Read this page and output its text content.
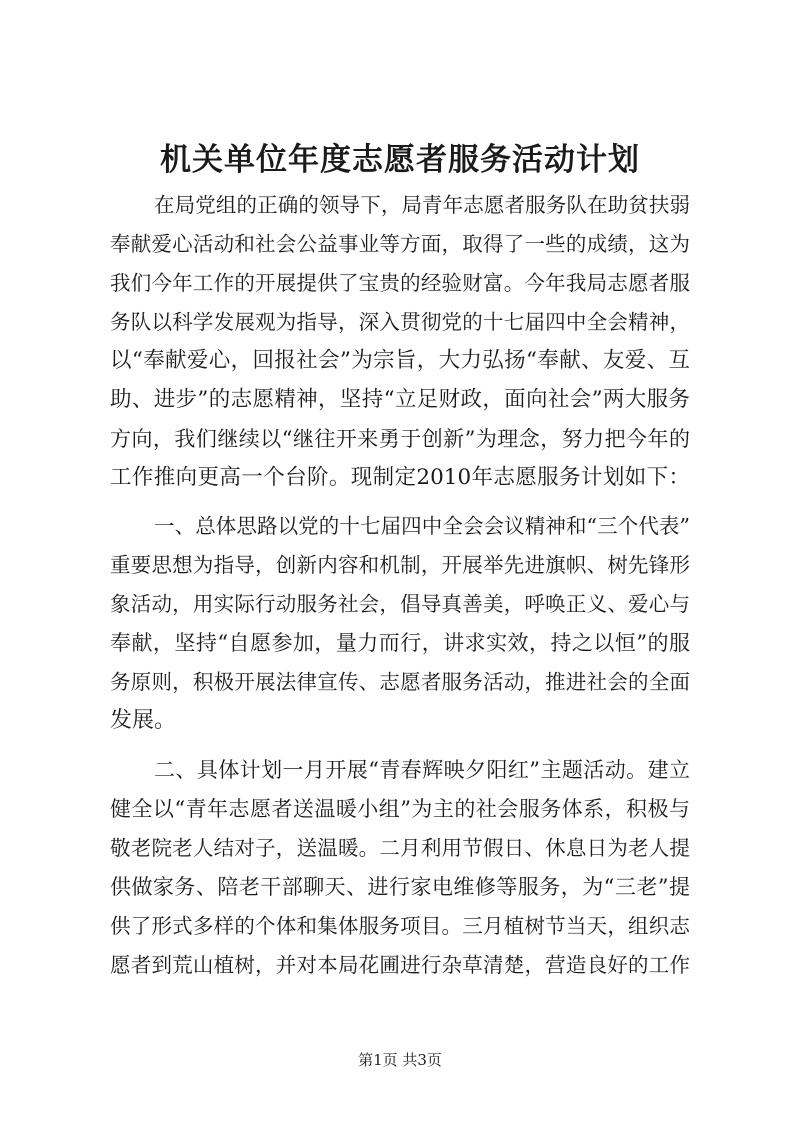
机关单位年度志愿者服务活动计划

在局党组的正确的领导下，局青年志愿者服务队在助贫扶弱

奉献爱心活动和社会公益事业等方面，取得了一些的成绩，这为

我们今年工作的开展提供了宝贵的经验财富。今年我局志愿者服

务队以科学发展观为指导，深入贯彻党的十七届四中全会精神，

以“奉献爱心，回报社会”为宗旨，大力弘扬“奉献、友爱、互

助、进步”的志愿精神，坚持“立足财政，面向社会”两大服务

方向，我们继续以“继往开来勇于创新”为理念，努力把今年的

工作推向更高一个台阶。现制定2010年志愿服务计划如下：

一、总体思路以党的十七届四中全会会议精神和“三个代表”

重要思想为指导，创新内容和机制，开展举先进旗帜、树先锋形

象活动，用实际行动服务社会，倡导真善美，呼唤正义、爱心与

奉献，坚持“自愿参加，量力而行，讲求实效，持之以恒”的服

务原则，积极开展法律宣传、志愿者服务活动，推进社会的全面

发展。

二、具体计划一月开展“青春辉映夕阳红”主题活动。建立

健全以“青年志愿者送温暖小组”为主的社会服务体系，积极与

敬老院老人结对子，送温暖。二月利用节假日、休息日为老人提

供做家务、陪老干部聊天、进行家电维修等服务，为“三老”提

供了形式多样的个体和集体服务项目。三月植树节当天，组织志

愿者到荒山植树，并对本局花圃进行杂草清楚，营造良好的工作

第1页 共3页
